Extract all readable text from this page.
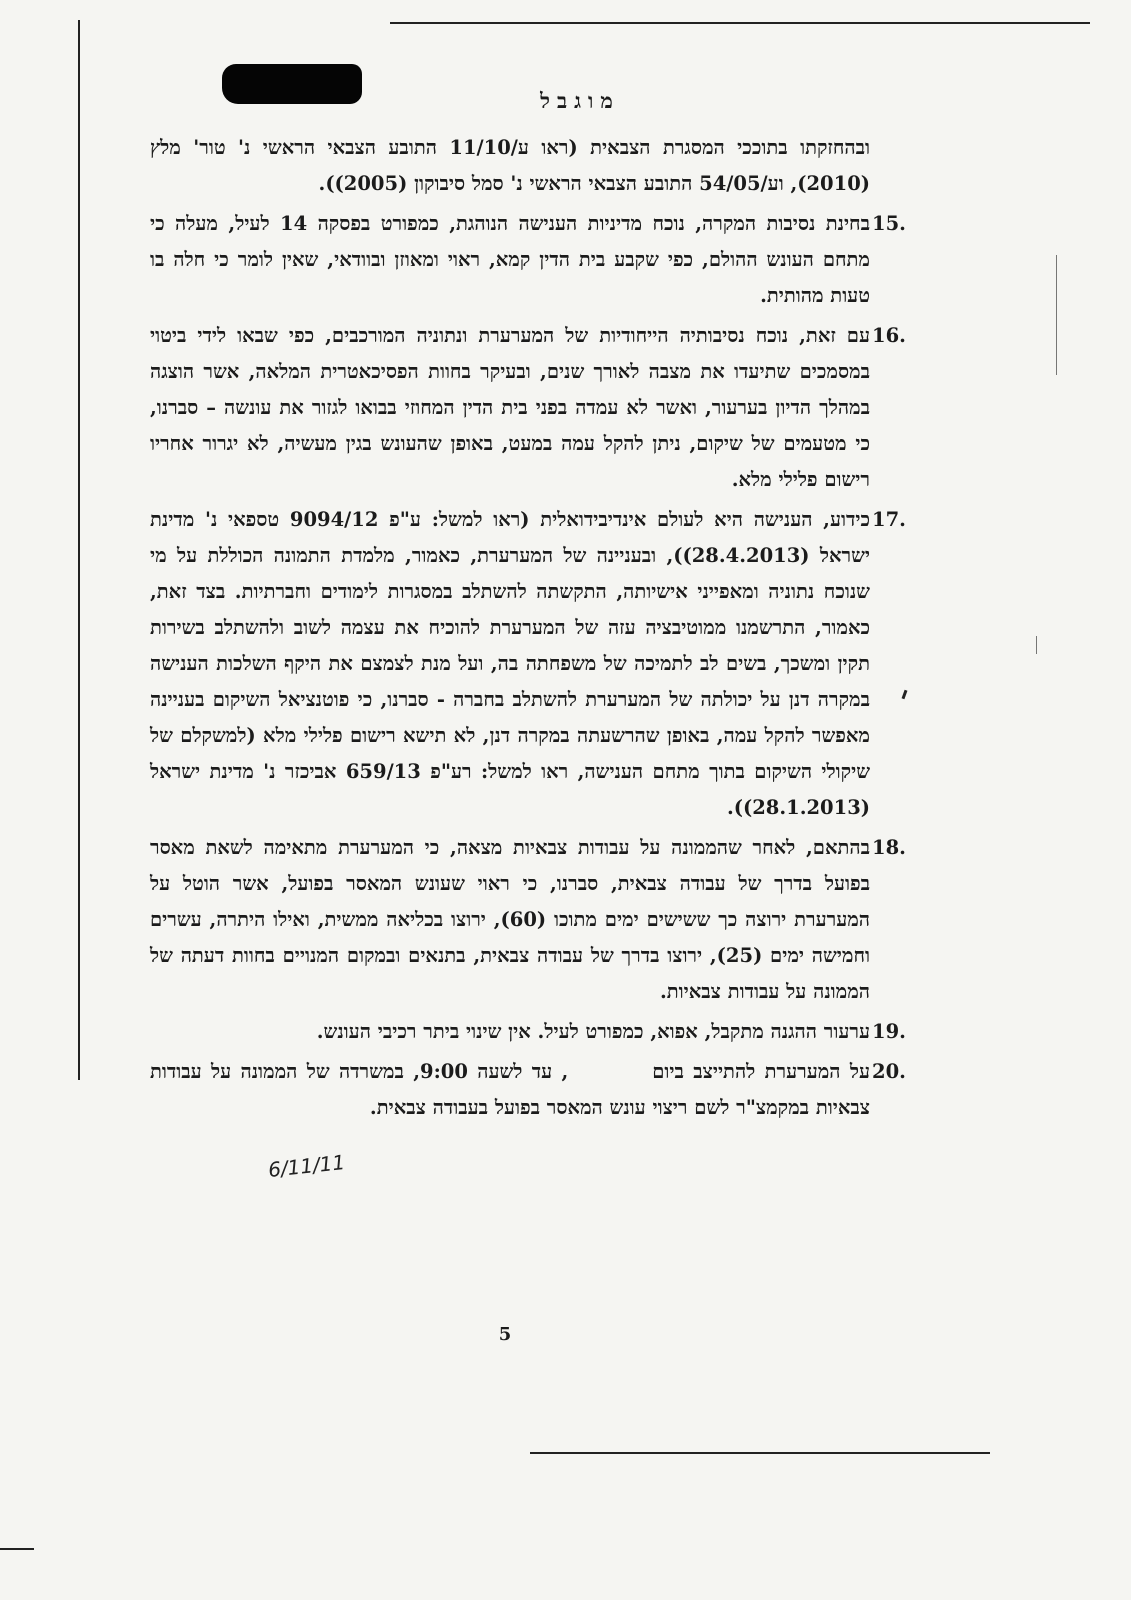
מוגבל
ובהחזקתו בתוככי המסגרת הצבאית (ראו ע/11/10 התובע הצבאי הראשי נ' טור' מלץ (2010), וע/54/05 התובע הצבאי הראשי נ' סמל סיבוקון (2005)).
15.
בחינת נסיבות המקרה, נוכח מדיניות הענישה הנוהגת, כמפורט בפסקה 14 לעיל, מעלה כי מתחם העונש ההולם, כפי שקבע בית הדין קמא, ראוי ומאוזן ובוודאי, שאין לומר כי חלה בו טעות מהותית.
16.
עם זאת, נוכח נסיבותיה הייחודיות של המערערת ונתוניה המורכבים, כפי שבאו לידי ביטוי במסמכים שתיעדו את מצבה לאורך שנים, ובעיקר בחוות הפסיכאטרית המלאה, אשר הוצגה במהלך הדיון בערעור, ואשר לא עמדה בפני בית הדין המחוזי בבואו לגזור את עונשה – סברנו, כי מטעמים של שיקום, ניתן להקל עמה במעט, באופן שהעונש בגין מעשיה, לא יגרור אחריו רישום פלילי מלא.
17.
כידוע, הענישה היא לעולם אינדיבידואלית (ראו למשל: ע"פ 9094/12 טספאי נ' מדינת ישראל (28.4.2013)), ובעניינה של המערערת, כאמור, מלמדת התמונה הכוללת על מי שנוכח נתוניה ומאפייני אישיותה, התקשתה להשתלב במסגרות לימודים וחברתיות. בצד זאת, כאמור, התרשמנו ממוטיבציה עזה של המערערת להוכיח את עצמה לשוב ולהשתלב בשירות תקין ומשכך, בשים לב לתמיכה של משפחתה בה, ועל מנת לצמצם את היקף השלכות הענישה במקרה דנן על יכולתה של המערערת להשתלב בחברה - סברנו, כי פוטנציאל השיקום בעניינה מאפשר להקל עמה, באופן שהרשעתה במקרה דנן, לא תישא רישום פלילי מלא (למשקלם של שיקולי השיקום בתוך מתחם הענישה, ראו למשל: רע"פ 659/13 אביכזר נ' מדינת ישראל (28.1.2013)).
18.
בהתאם, לאחר שהממונה על עבודות צבאיות מצאה, כי המערערת מתאימה לשאת מאסר בפועל בדרך של עבודה צבאית, סברנו, כי ראוי שעונש המאסר בפועל, אשר הוטל על המערערת ירוצה כך ששישים ימים מתוכו (60), ירוצו בכליאה ממשית, ואילו היתרה, עשרים וחמישה ימים (25), ירוצו בדרך של עבודה צבאית, בתנאים ובמקום המנויים בחוות דעתה של הממונה על עבודות צבאיות.
19.
ערעור ההגנה מתקבל, אפוא, כמפורט לעיל. אין שינוי ביתר רכיבי העונש.
20.
על המערערת להתייצב ביום         , עד לשעה 9:00, במשרדה של הממונה על עבודות צבאיות במקמצ"ר לשם ריצוי עונש המאסר בפועל בעבודה צבאית.
6/11/11
5
